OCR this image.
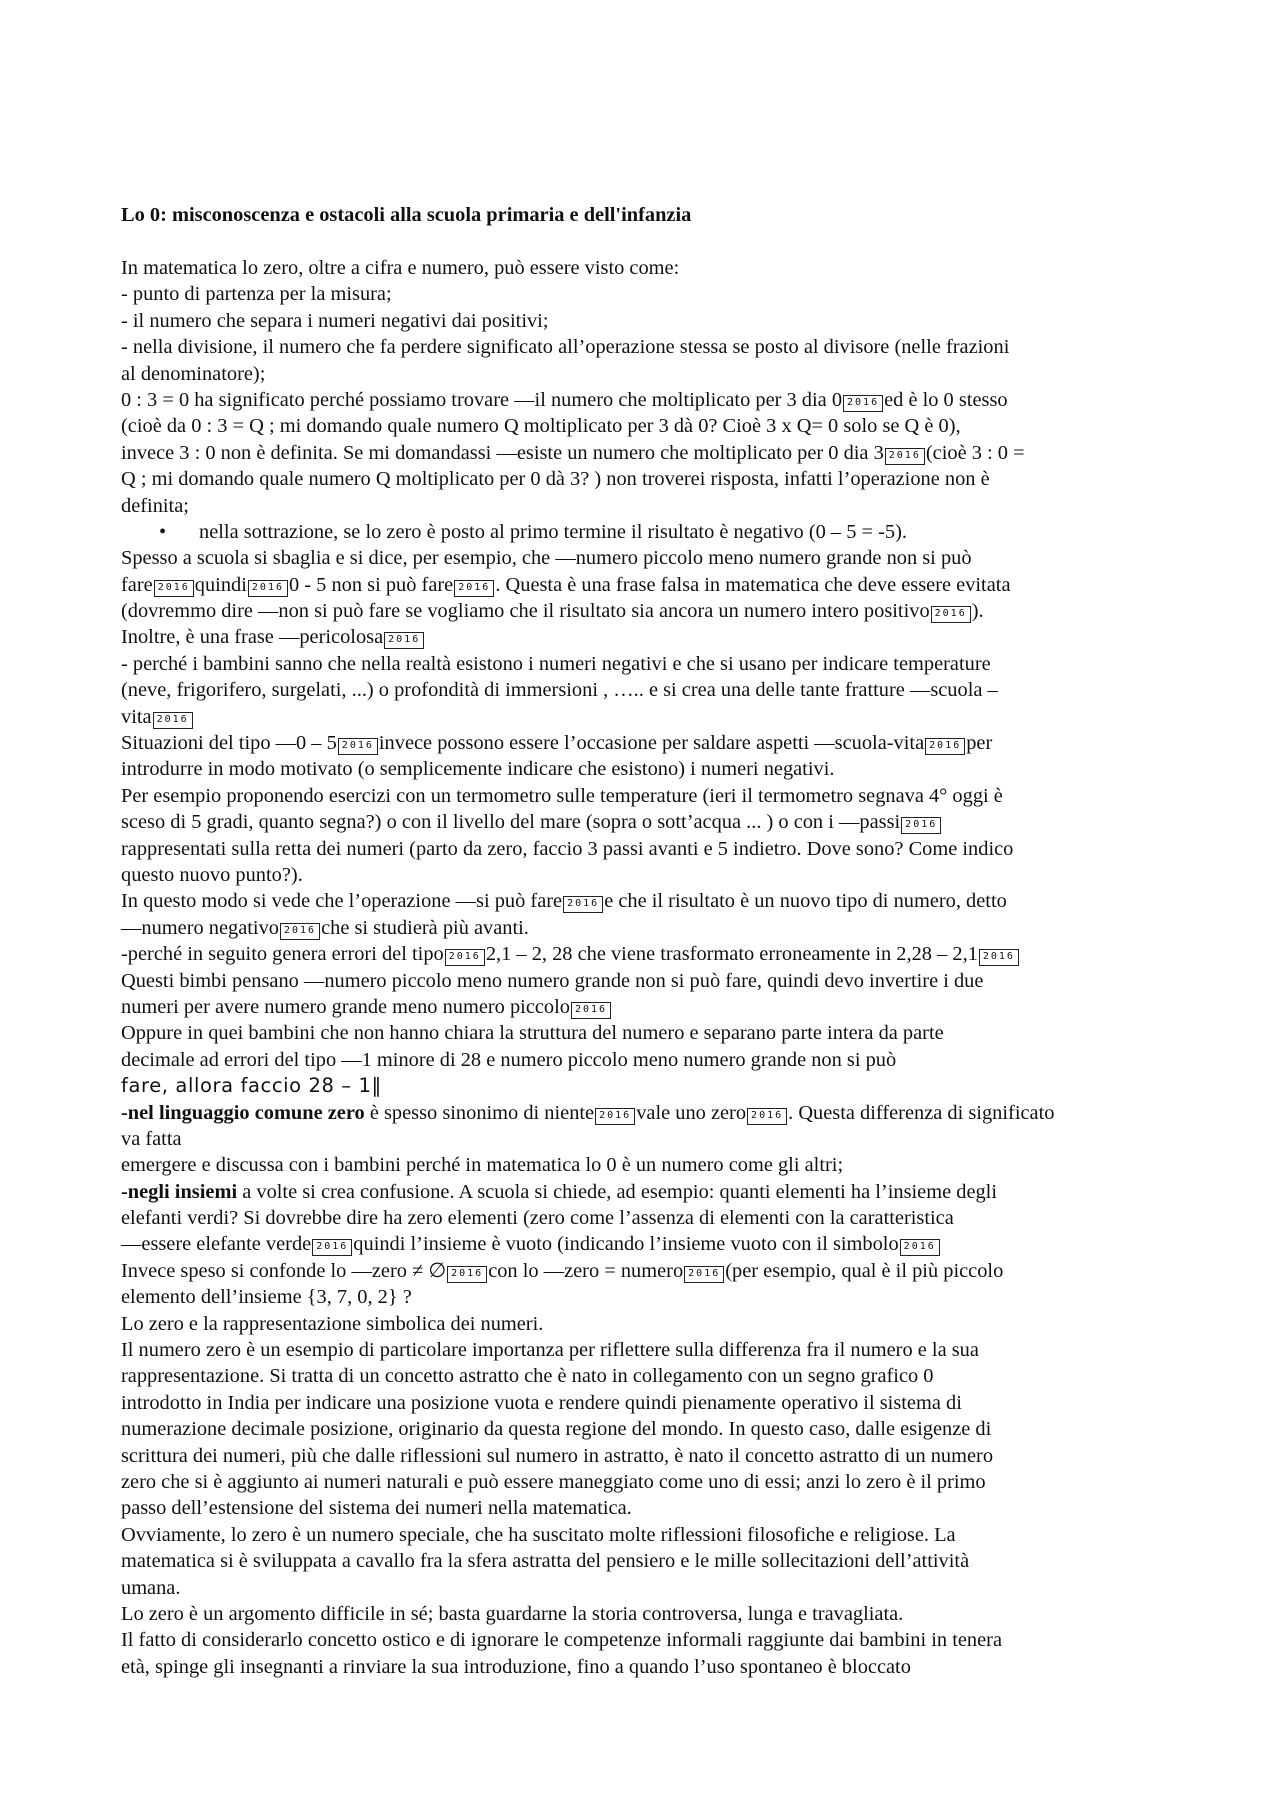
Lo 0: misconoscenza e ostacoli alla scuola primaria e dell'infanzia
In matematica lo zero, oltre a cifra e numero, può essere visto come:
- punto di partenza per la misura;
- il numero che separa i numeri negativi dai positivi;
- nella divisione, il numero che fa perdere significato all’operazione stessa se posto al divisore (nelle frazioni
al denominatore);
0 : 3 = 0 ha significato perché possiamo trovare ―il numero che moltiplicato per 3 dia 0 2016 ed è lo 0 stesso
(cioè da 0 : 3 = Q ; mi domando quale numero Q moltiplicato per 3 dà 0? Cioè 3 x Q= 0 solo se Q è 0),
invece 3 : 0 non è definita. Se mi domandassi ―esiste un numero che moltiplicato per 0 dia 3 2016 (cioè 3 : 0 =
Q ; mi domando quale numero Q moltiplicato per 0 dà 3? ) non troverei risposta, infatti l’operazione non è
definita;
• nella sottrazione, se lo zero è posto al primo termine il risultato è negativo (0 – 5 = -5).
Spesso a scuola si sbaglia e si dice, per esempio, che ―numero piccolo meno numero grande non si può
fare 2016 quindi 2016 0 - 5 non si può fare 2016 . Questa è una frase falsa in matematica che deve essere evitata
(dovremmo dire ―non si può fare se vogliamo che il risultato sia ancora un numero intero positivo 2016 ).
Inoltre, è una frase ―pericolosa 2016
- perché i bambini sanno che nella realtà esistono i numeri negativi e che si usano per indicare temperature
(neve, frigorifero, surgelati, ...) o profondità di immersioni , ….. e si crea una delle tante fratture ―scuola –
vita 2016
Situazioni del tipo ―0 – 5 2016 invece possono essere l’occasione per saldare aspetti ―scuola-vita 2016 per
introdurre in modo motivato (o semplicemente indicare che esistono) i numeri negativi.
Per esempio proponendo esercizi con un termometro sulle temperature (ieri il termometro segnava 4° oggi è
sceso di 5 gradi, quanto segna?) o con il livello del mare (sopra o sott’acqua ... ) o con i ―passi 2016
rappresentati sulla retta dei numeri (parto da zero, faccio 3 passi avanti e 5 indietro. Dove sono? Come indico
questo nuovo punto?).
In questo modo si vede che l’operazione ―si può fare 2016 e che il risultato è un nuovo tipo di numero, detto
―numero negativo 2016 che si studierà più avanti.
-perché in seguito genera errori del tipo 2016 2,1 – 2, 28 che viene trasformato erroneamente in 2,28 – 2,1 2016
Questi bimbi pensano ―numero piccolo meno numero grande non si può fare, quindi devo invertire i due
numeri per avere numero grande meno numero piccolo 2016
Oppure in quei bambini che non hanno chiara la struttura del numero e separano parte intera da parte
decimale ad errori del tipo ―1 minore di 28 e numero piccolo meno numero grande non si può
fare, allora faccio 28 – 1‖
-nel linguaggio comune zero è spesso sinonimo di niente 2016 vale uno zero 2016 . Questa differenza di significato
va fatta
emergere e discussa con i bambini perché in matematica lo 0 è un numero come gli altri;
-negli insiemi a volte si crea confusione. A scuola si chiede, ad esempio: quanti elementi ha l’insieme degli
elefanti verdi? Si dovrebbe dire ha zero elementi (zero come l’assenza di elementi con la caratteristica
―essere elefante verde 2016 quindi l’insieme è vuoto (indicando l’insieme vuoto con il simbolo 2016
Invece speso si confonde lo ―zero ≠ ∅ 2016 con lo ―zero = numero 2016 (per esempio, qual è il più piccolo
elemento dell’insieme {3, 7, 0, 2} ?
Lo zero e la rappresentazione simbolica dei numeri.
Il numero zero è un esempio di particolare importanza per riflettere sulla differenza fra il numero e la sua
rappresentazione. Si tratta di un concetto astratto che è nato in collegamento con un segno grafico 0
introdotto in India per indicare una posizione vuota e rendere quindi pienamente operativo il sistema di
numerazione decimale posizione, originario da questa regione del mondo. In questo caso, dalle esigenze di
scrittura dei numeri, più che dalle riflessioni sul numero in astratto, è nato il concetto astratto di un numero
zero che si è aggiunto ai numeri naturali e può essere maneggiato come uno di essi; anzi lo zero è il primo
passo dell’estensione del sistema dei numeri nella matematica.
Ovviamente, lo zero è un numero speciale, che ha suscitato molte riflessioni filosofiche e religiose. La
matematica si è sviluppata a cavallo fra la sfera astratta del pensiero e le mille sollecitazioni dell’attività
umana.
Lo zero è un argomento difficile in sé; basta guardarne la storia controversa, lunga e travagliata.
Il fatto di considerarlo concetto ostico e di ignorare le competenze informali raggiunte dai bambini in tenera
età, spinge gli insegnanti a rinviare la sua introduzione, fino a quando l’uso spontaneo è bloccato
